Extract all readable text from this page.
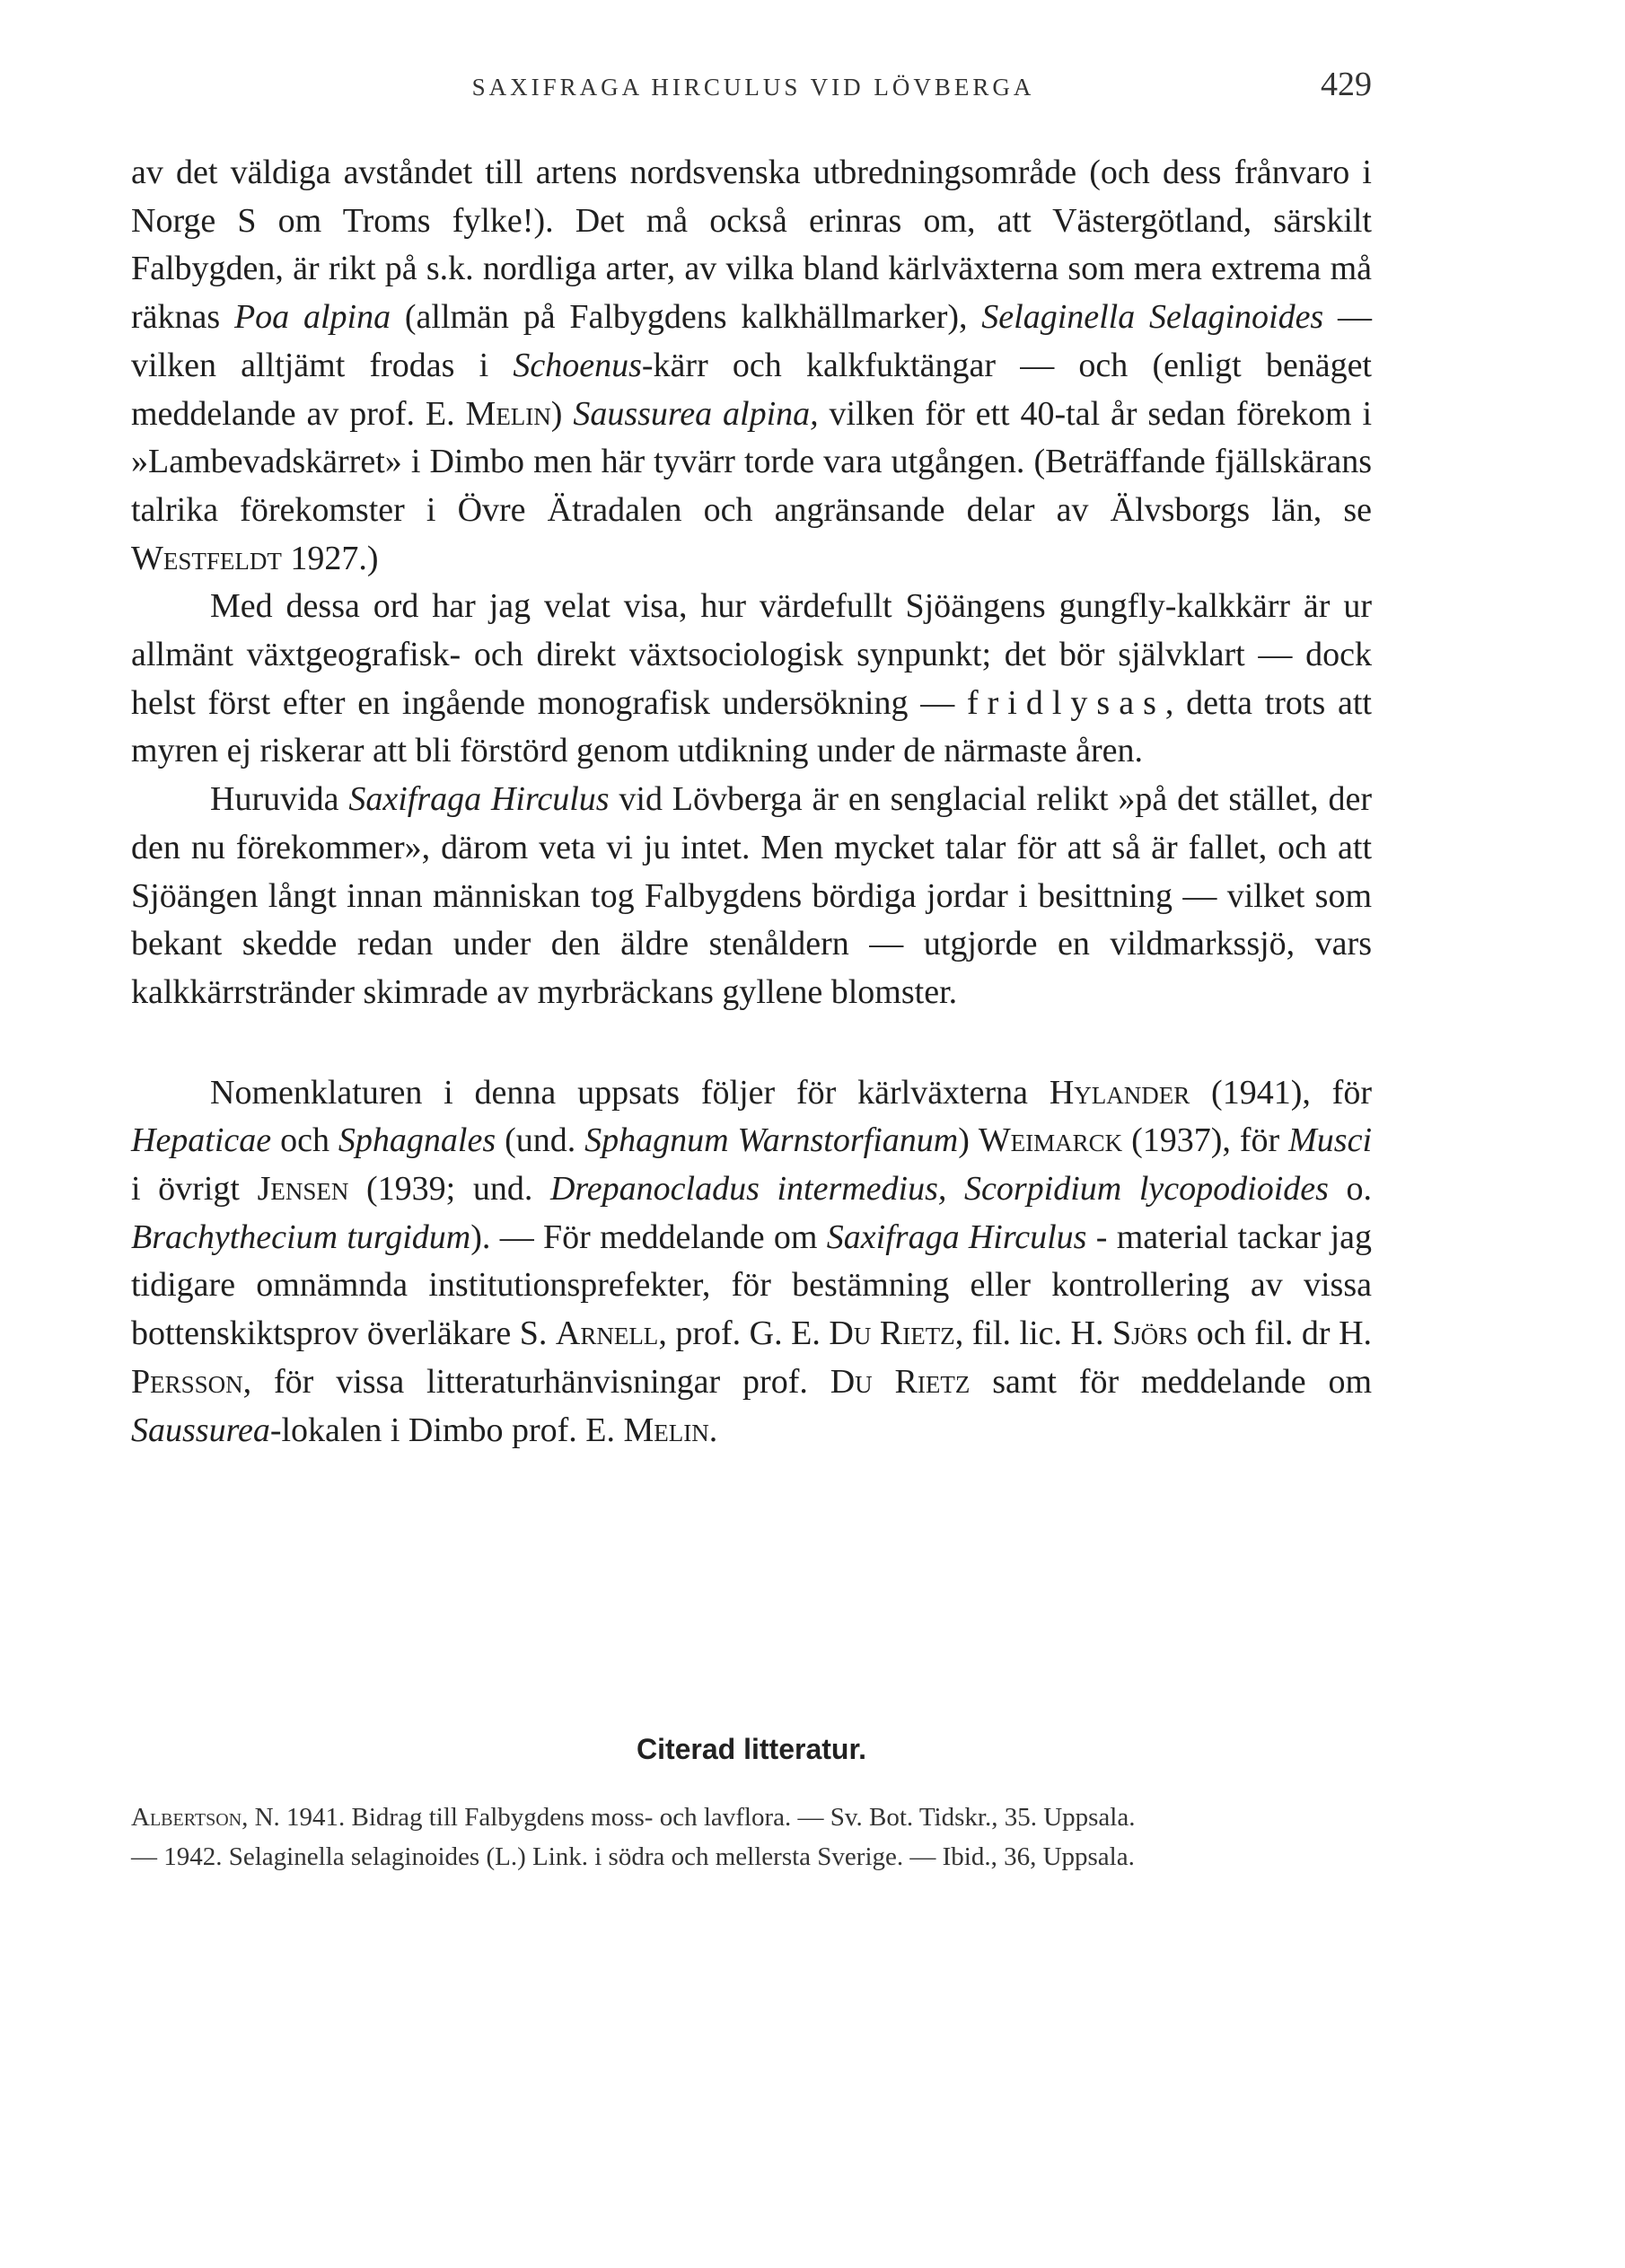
SAXIFRAGA HIRCULUS VID LÖVBERGA	429

av det väldiga avståndet till artens nordsvenska utbredningsområde (och dess frånvaro i Norge S om Troms fylke!). Det må också erinras om, att Västergötland, särskilt Falbygden, är rikt på s.k. nordliga arter, av vilka bland kärlväxterna som mera extrema må räknas Poa alpina (allmän på Falbygdens kalkhällmarker), Selaginella Selaginoides — vilken alltjämt frodas i Schoenus-kärr och kalkfuktängar — och (enligt benäget meddelande av prof. E. Melin) Saussurea alpina, vilken för ett 40-tal år sedan förekom i »Lambevadskärret» i Dimbo men här tyvärr torde vara utgången. (Beträffande fjällskärans talrika förekomster i Övre Ätradalen och angränsande delar av Älvsborgs län, se Westfeldt 1927.)

Med dessa ord har jag velat visa, hur värdefullt Sjöängens gungfly-kalkkärr är ur allmänt växtgeografisk- och direkt växtsociologisk synpunkt; det bör självklart — dock helst först efter en ingående monografisk undersökning — fridlysas, detta trots att myren ej riskerar att bli förstörd genom utdikning under de närmaste åren.

Huruvida Saxifraga Hirculus vid Lövberga är en senglacial relikt »på det stället, der den nu förekommer», därom veta vi ju intet. Men mycket talar för att så är fallet, och att Sjöängen långt innan människan tog Falbygdens bördiga jordar i besittning — vilket som bekant skedde redan under den äldre stenåldern — utgjorde en vildmarkssjö, vars kalkkärrstränder skimrade av myrbräckans gyllene blomster.

Nomenklaturen i denna uppsats följer för kärlväxterna Hylander (1941), för Hepaticae och Sphagnales (und. Sphagnum Warnstorfianum) Weimarck (1937), för Musci i övrigt Jensen (1939; und. Drepanocladus intermedius, Scorpidium lycopodioides o. Brachythecium turgidum). — För meddelande om Saxifraga Hirculus - material tackar jag tidigare omnämnda institutionsprefekter, för bestämning eller kontrollering av vissa bottenskiktsprov överläkare S. Arnell, prof. G. E. Du Rietz, fil. lic. H. Sjörs och fil. dr H. Persson, för vissa litteraturhänvisningar prof. Du Rietz samt för meddelande om Saussurea-lokalen i Dimbo prof. E. Melin.

Citerad litteratur.

Albertson, N. 1941. Bidrag till Falbygdens moss- och lavflora. — Sv. Bot. Tidskr., 35. Uppsala.

— 1942. Selaginella selaginoides (L.) Link. i södra och mellersta Sverige. — Ibid., 36, Uppsala.
